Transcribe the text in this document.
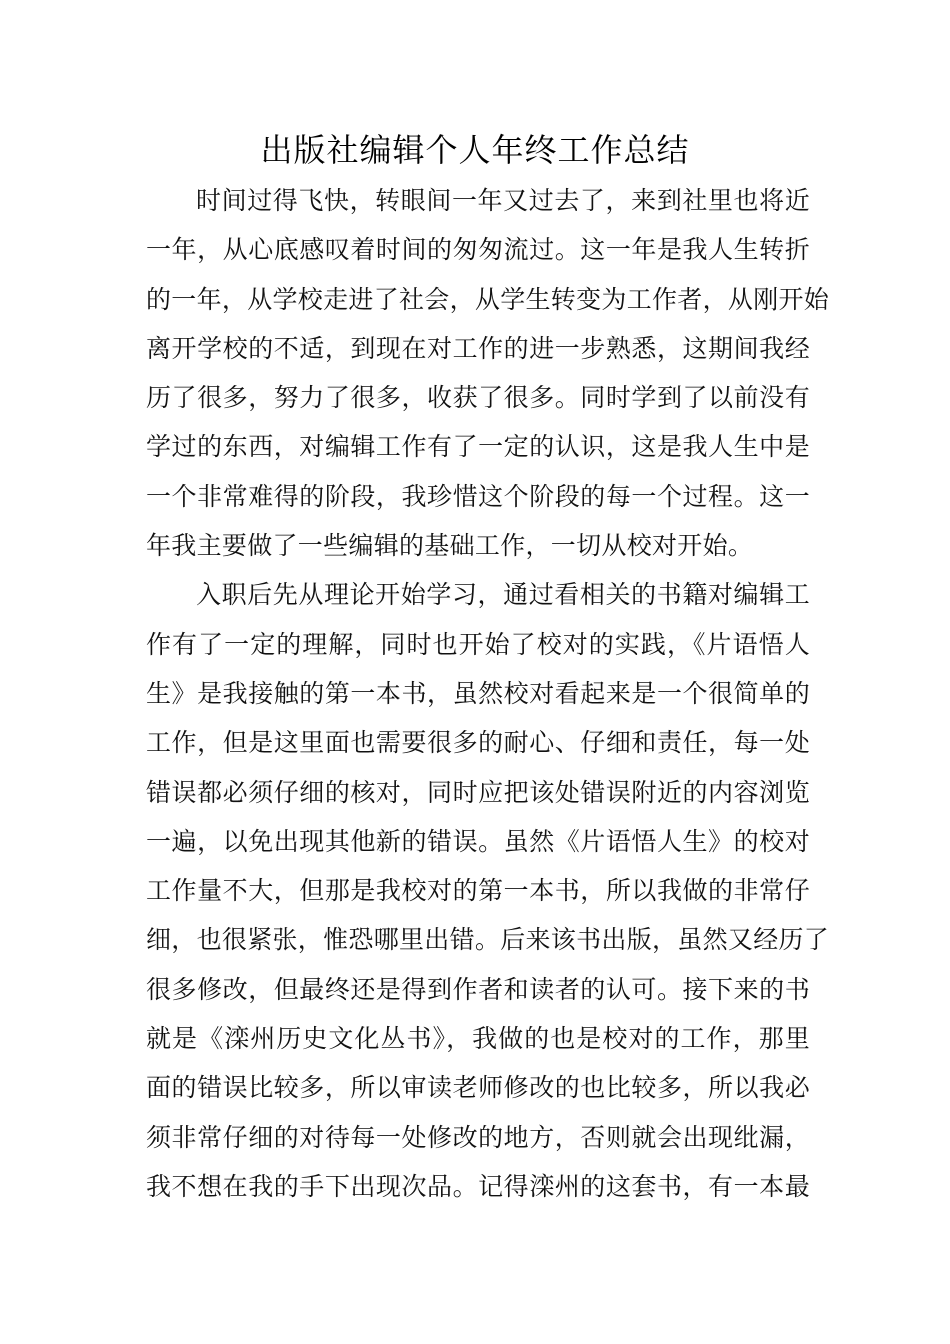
出版社编辑个人年终工作总结
时间过得飞快，转眼间一年又过去了，来到社里也将近
一年，从心底感叹着时间的匆匆流过。这一年是我人生转折
的一年，从学校走进了社会，从学生转变为工作者，从刚开始
离开学校的不适，到现在对工作的进一步熟悉，这期间我经
历了很多，努力了很多，收获了很多。同时学到了以前没有
学过的东西，对编辑工作有了一定的认识，这是我人生中是
一个非常难得的阶段，我珍惜这个阶段的每一个过程。这一
年我主要做了一些编辑的基础工作，一切从校对开始。
入职后先从理论开始学习，通过看相关的书籍对编辑工
作有了一定的理解，同时也开始了校对的实践，《片语悟人
生》是我接触的第一本书，虽然校对看起来是一个很简单的
工作，但是这里面也需要很多的耐心、仔细和责任，每一处
错误都必须仔细的核对，同时应把该处错误附近的内容浏览
一遍，以免出现其他新的错误。虽然《片语悟人生》的校对
工作量不大，但那是我校对的第一本书，所以我做的非常仔
细，也很紧张，惟恐哪里出错。后来该书出版，虽然又经历了
很多修改，但最终还是得到作者和读者的认可。接下来的书
就是《滦州历史文化丛书》，我做的也是校对的工作，那里
面的错误比较多，所以审读老师修改的也比较多，所以我必
须非常仔细的对待每一处修改的地方，否则就会出现纰漏，
我不想在我的手下出现次品。记得滦州的这套书，有一本最
